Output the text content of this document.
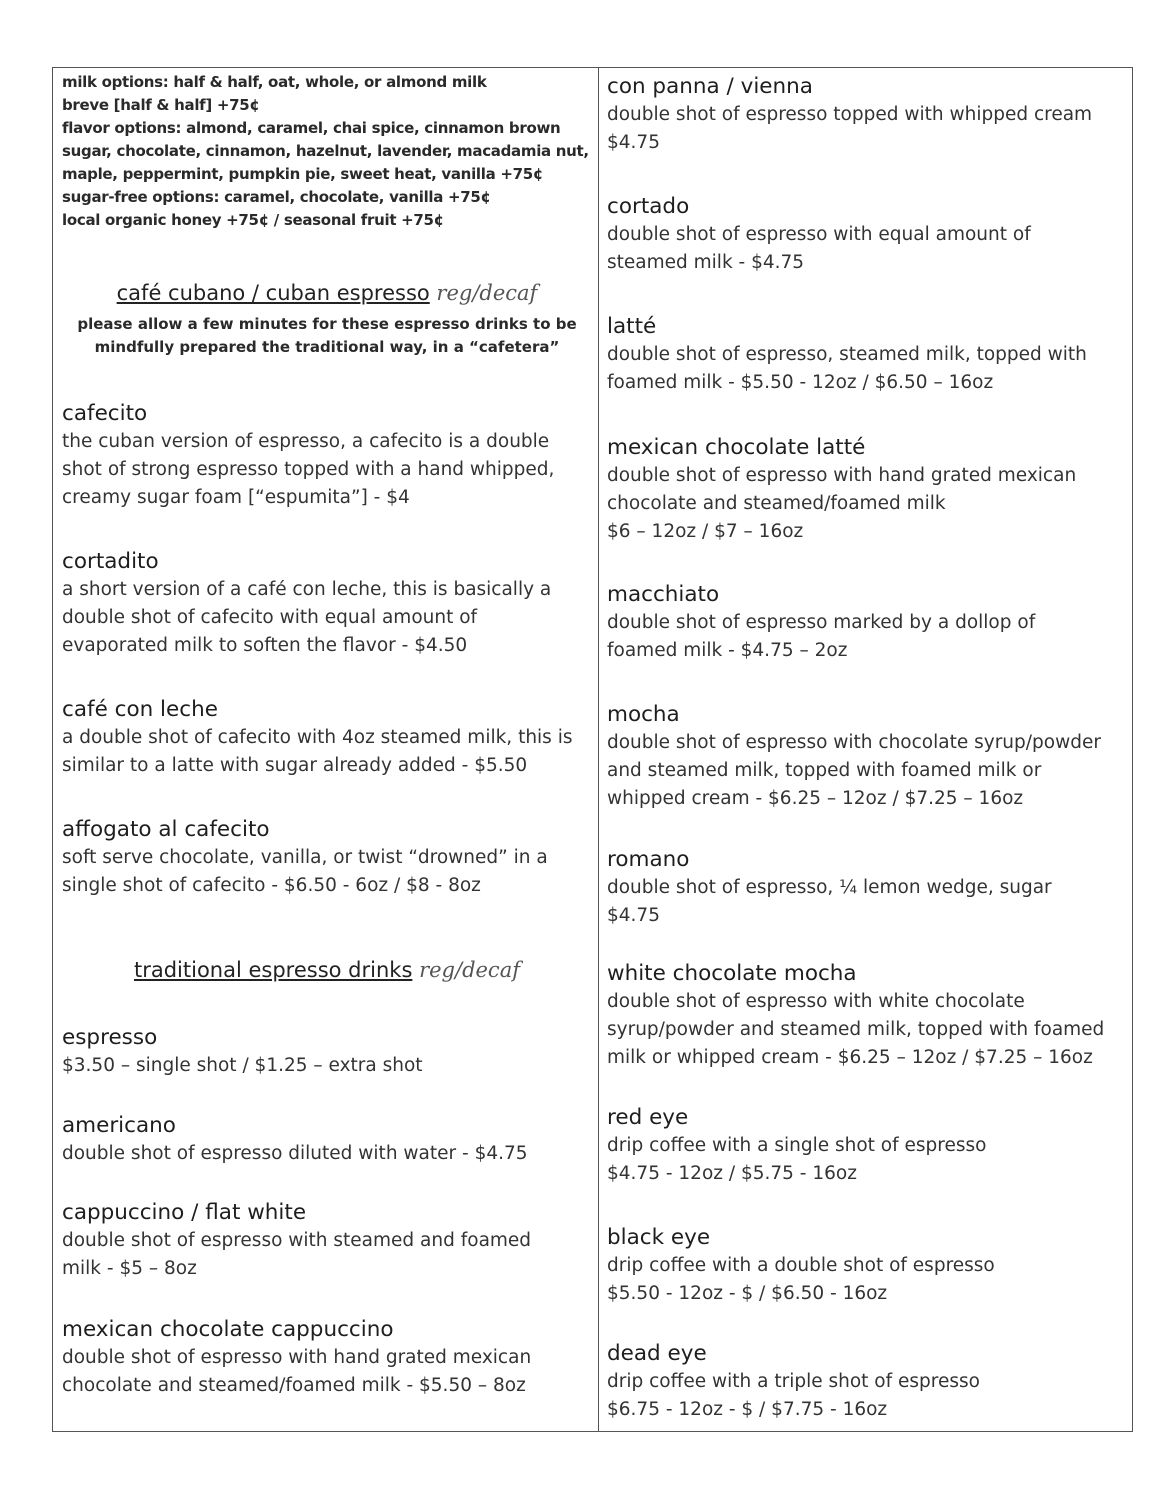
milk options: half & half, oat, whole, or almond milk
breve [half & half] +75¢
flavor options: almond, caramel, chai spice, cinnamon brown
sugar, chocolate, cinnamon, hazelnut, lavender, macadamia nut,
maple, peppermint, pumpkin pie, sweet heat, vanilla +75¢
sugar-free options: caramel, chocolate, vanilla +75¢
local organic honey +75¢ / seasonal fruit +75¢
café cubano / cuban espresso reg/decaf
please allow a few minutes for these espresso drinks to be
mindfully prepared the traditional way, in a “cafetera”
cafecito
the cuban version of espresso, a cafecito is a double
shot of strong espresso topped with a hand whipped,
creamy sugar foam [“espumita”] - $4
cortadito
a short version of a café con leche, this is basically a
double shot of cafecito with equal amount of
evaporated milk to soften the flavor - $4.50
café con leche
a double shot of cafecito with 4oz steamed milk, this is
similar to a latte with sugar already added - $5.50
affogato al cafecito
soft serve chocolate, vanilla, or twist “drowned” in a
single shot of cafecito - $6.50 - 6oz / $8 - 8oz
traditional espresso drinks reg/decaf
espresso
$3.50 – single shot / $1.25 – extra shot
americano
double shot of espresso diluted with water - $4.75
cappuccino / flat white
double shot of espresso with steamed and foamed
milk - $5 – 8oz
mexican chocolate cappuccino
double shot of espresso with hand grated mexican
chocolate and steamed/foamed milk - $5.50 – 8oz
con panna / vienna
double shot of espresso topped with whipped cream
$4.75
cortado
double shot of espresso with equal amount of
steamed milk - $4.75
latté
double shot of espresso, steamed milk, topped with
foamed milk - $5.50 - 12oz / $6.50 – 16oz
mexican chocolate latté
double shot of espresso with hand grated mexican
chocolate and steamed/foamed milk
$6 – 12oz / $7 – 16oz
macchiato
double shot of espresso marked by a dollop of
foamed milk - $4.75 – 2oz
mocha
double shot of espresso with chocolate syrup/powder
and steamed milk, topped with foamed milk or
whipped cream - $6.25 – 12oz / $7.25 – 16oz
romano
double shot of espresso, ¼ lemon wedge, sugar
$4.75
white chocolate mocha
double shot of espresso with white chocolate
syrup/powder and steamed milk, topped with foamed
milk or whipped cream - $6.25 – 12oz / $7.25 – 16oz
red eye
drip coffee with a single shot of espresso
$4.75 - 12oz / $5.75 - 16oz
black eye
drip coffee with a double shot of espresso
$5.50 - 12oz - $ / $6.50 - 16oz
dead eye
drip coffee with a triple shot of espresso
$6.75 - 12oz - $ / $7.75 - 16oz
